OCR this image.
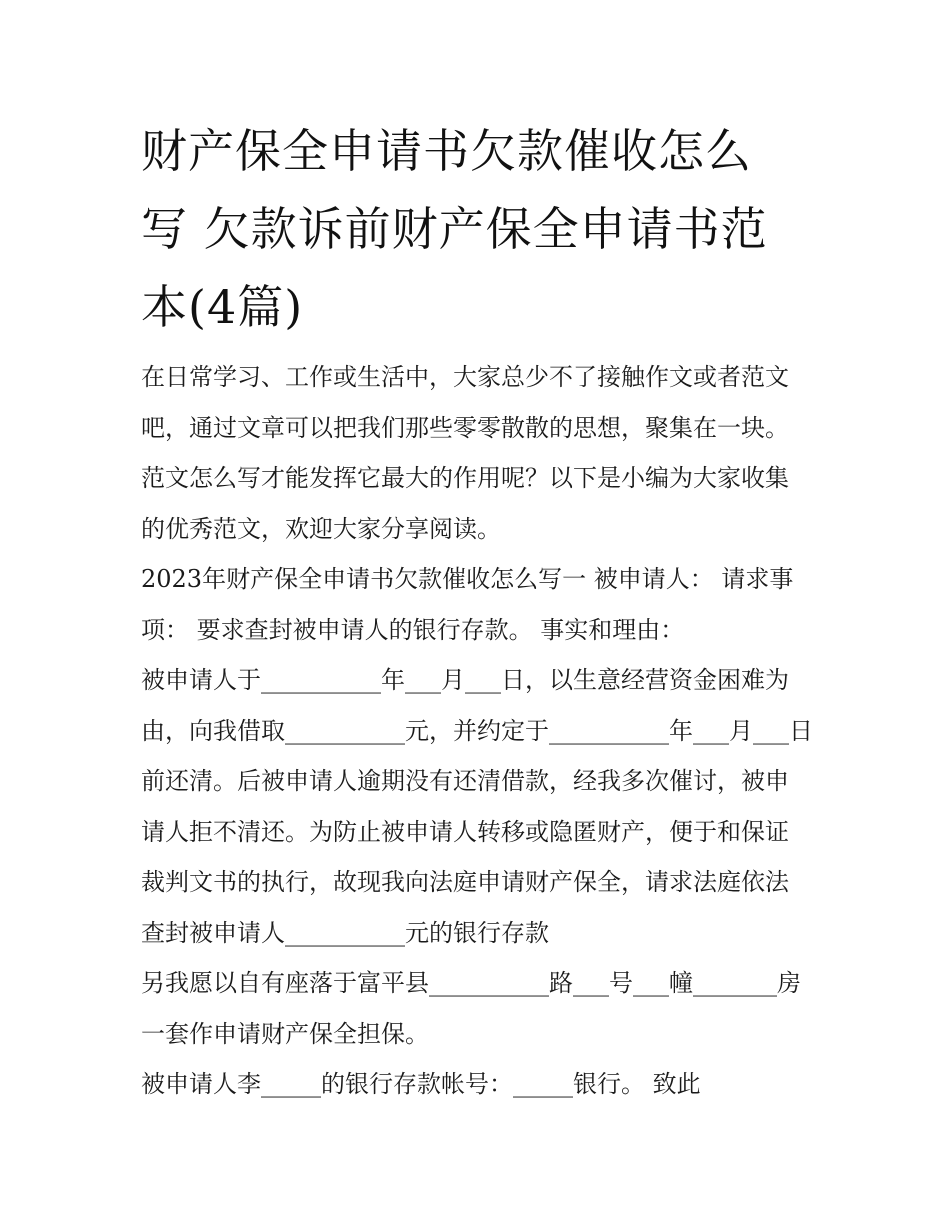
财产保全申请书欠款催收怎么
写 欠款诉前财产保全申请书范
本(4篇)

在日常学习、工作或生活中，大家总少不了接触作文或者范文
吧，通过文章可以把我们那些零零散散的思想，聚集在一块。
范文怎么写才能发挥它最大的作用呢？以下是小编为大家收集
的优秀范文，欢迎大家分享阅读。

2023年财产保全申请书欠款催收怎么写一 被申请人： 请求事
项： 要求查封被申请人的银行存款。 事实和理由：

被申请人于__________年___月___日，以生意经营资金困难为
由，向我借取__________元，并约定于__________年___月___日
前还清。后被申请人逾期没有还清借款，经我多次催讨，被申
请人拒不清还。为防止被申请人转移或隐匿财产，便于和保证
裁判文书的执行，故现我向法庭申请财产保全，请求法庭依法
查封被申请人__________元的银行存款

另我愿以自有座落于富平县__________路___号___幢_______房
一套作申请财产保全担保。

被申请人李_____的银行存款帐号：_____银行。 致此
